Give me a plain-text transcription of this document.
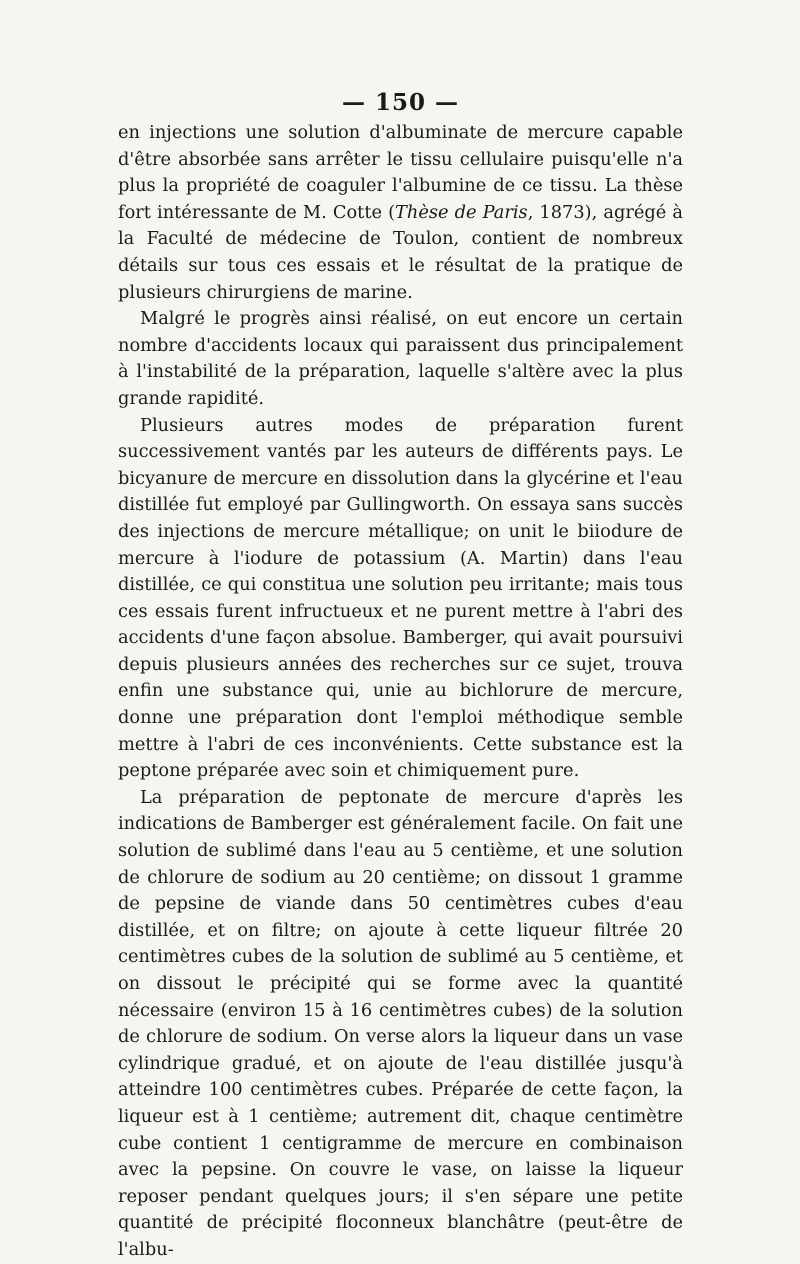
— 150 —

en injections une solution d'albuminate de mercure capable d'être absorbée sans arrêter le tissu cellulaire puisqu'elle n'a plus la propriété de coaguler l'albumine de ce tissu. La thèse fort intéressante de M. Cotte (Thèse de Paris, 1873), agrégé à la Faculté de médecine de Toulon, contient de nombreux détails sur tous ces essais et le résultat de la pratique de plusieurs chirurgiens de marine.

Malgré le progrès ainsi réalisé, on eut encore un certain nombre d'accidents locaux qui paraissent dus principalement à l'instabilité de la préparation, laquelle s'altère avec la plus grande rapidité.

Plusieurs autres modes de préparation furent successivement vantés par les auteurs de différents pays. Le bicyanure de mercure en dissolution dans la glycérine et l'eau distillée fut employé par Gullingworth. On essaya sans succès des injections de mercure métallique; on unit le biiodure de mercure à l'iodure de potassium (A. Martin) dans l'eau distillée, ce qui constitua une solution peu irritante; mais tous ces essais furent infructueux et ne purent mettre à l'abri des accidents d'une façon absolue. Bamberger, qui avait poursuivi depuis plusieurs années des recherches sur ce sujet, trouva enfin une substance qui, unie au bichlorure de mercure, donne une préparation dont l'emploi méthodique semble mettre à l'abri de ces inconvénients. Cette substance est la peptone préparée avec soin et chimiquement pure.

La préparation de peptonate de mercure d'après les indications de Bamberger est généralement facile. On fait une solution de sublimé dans l'eau au 5 centième, et une solution de chlorure de sodium au 20 centième; on dissout 1 gramme de pepsine de viande dans 50 centimètres cubes d'eau distillée, et on filtre; on ajoute à cette liqueur filtrée 20 centimètres cubes de la solution de sublimé au 5 centième, et on dissout le précipité qui se forme avec la quantité nécessaire (environ 15 à 16 centimètres cubes) de la solution de chlorure de sodium. On verse alors la liqueur dans un vase cylindrique gradué, et on ajoute de l'eau distillée jusqu'à atteindre 100 centimètres cubes. Préparée de cette façon, la liqueur est à 1 centième; autrement dit, chaque centimètre cube contient 1 centigramme de mercure en combinaison avec la pepsine. On couvre le vase, on laisse la liqueur reposer pendant quelques jours; il s'en sépare une petite quantité de précipité floconneux blanchâtre (peut-être de l'albu-
